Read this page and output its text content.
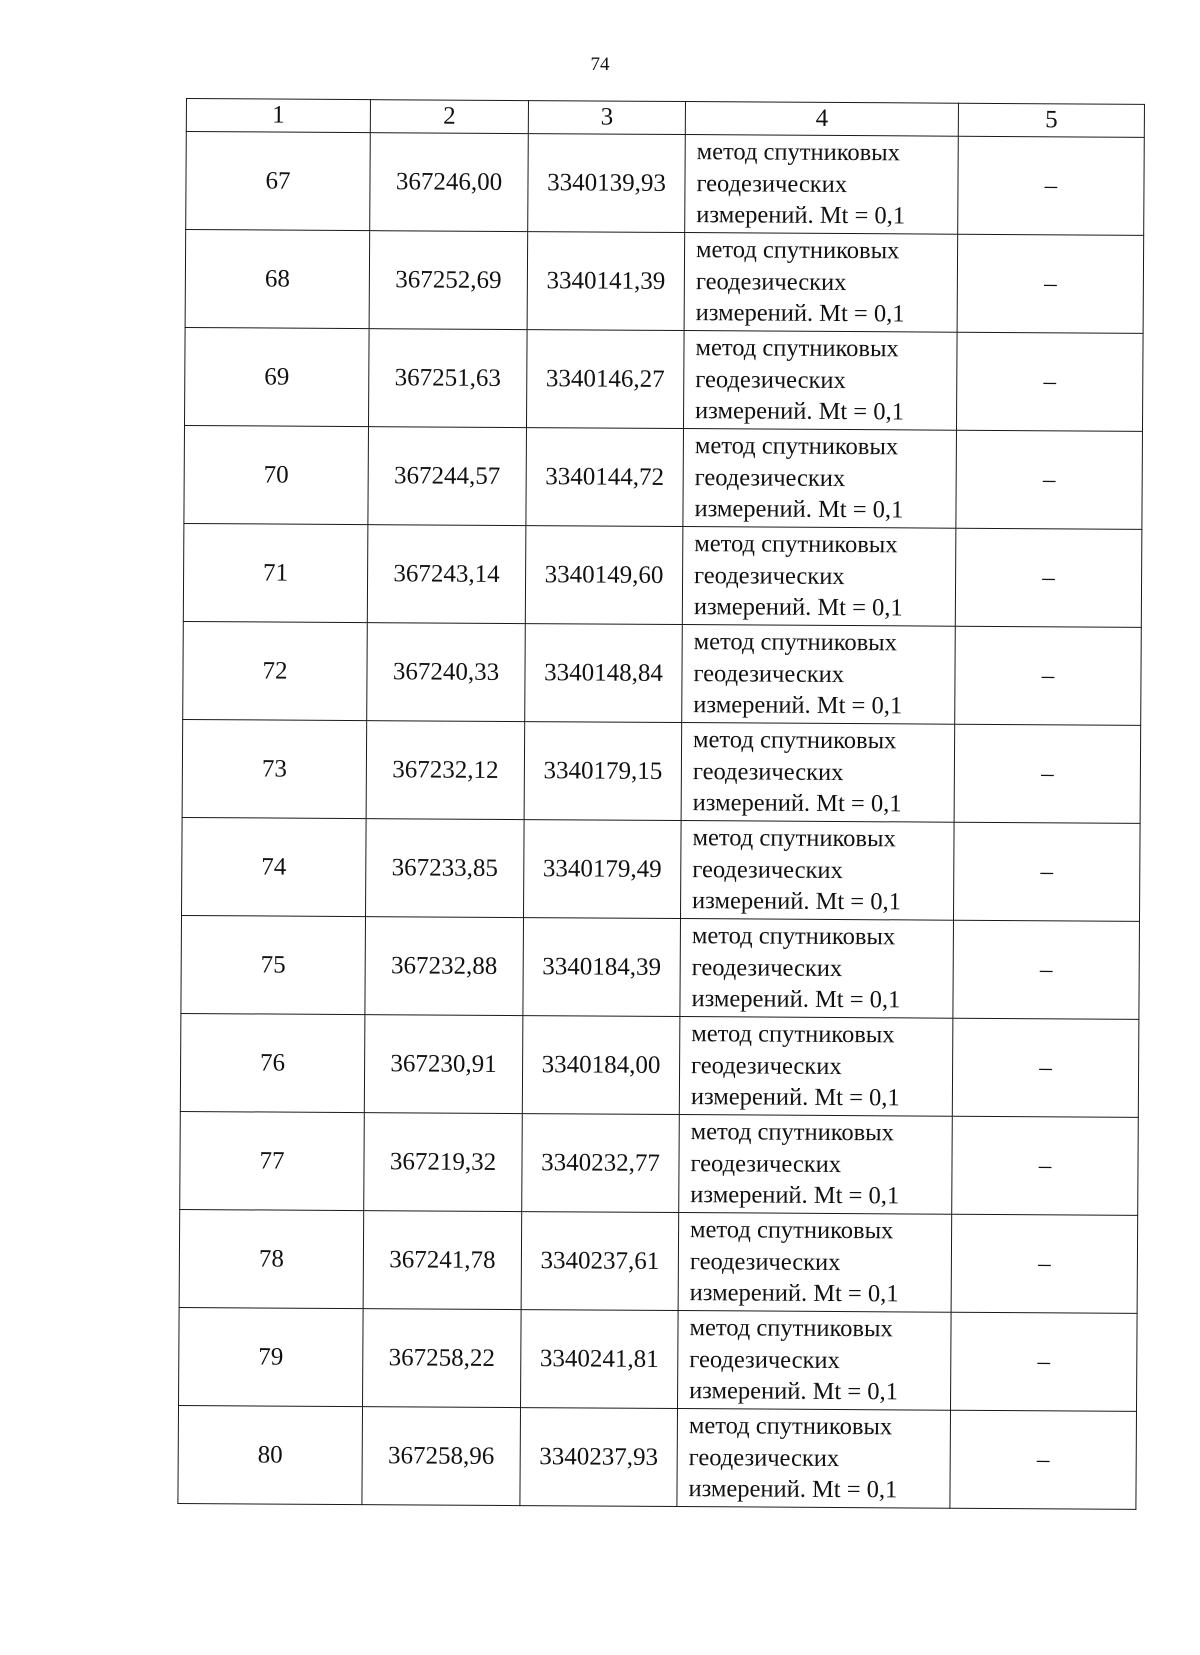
74
1	2	3	4	5
67	367246,00	3340139,93	метод спутниковых
геодезических
измерений. Mt = 0,1	–
68	367252,69	3340141,39	метод спутниковых
геодезических
измерений. Mt = 0,1	–
69	367251,63	3340146,27	метод спутниковых
геодезических
измерений. Mt = 0,1	–
70	367244,57	3340144,72	метод спутниковых
геодезических
измерений. Mt = 0,1	–
71	367243,14	3340149,60	метод спутниковых
геодезических
измерений. Mt = 0,1	–
72	367240,33	3340148,84	метод спутниковых
геодезических
измерений. Mt = 0,1	–
73	367232,12	3340179,15	метод спутниковых
геодезических
измерений. Mt = 0,1	–
74	367233,85	3340179,49	метод спутниковых
геодезических
измерений. Mt = 0,1	–
75	367232,88	3340184,39	метод спутниковых
геодезических
измерений. Mt = 0,1	–
76	367230,91	3340184,00	метод спутниковых
геодезических
измерений. Mt = 0,1	–
77	367219,32	3340232,77	метод спутниковых
геодезических
измерений. Mt = 0,1	–
78	367241,78	3340237,61	метод спутниковых
геодезических
измерений. Mt = 0,1	–
79	367258,22	3340241,81	метод спутниковых
геодезических
измерений. Mt = 0,1	–
80	367258,96	3340237,93	метод спутниковых
геодезических
измерений. Mt = 0,1	–
